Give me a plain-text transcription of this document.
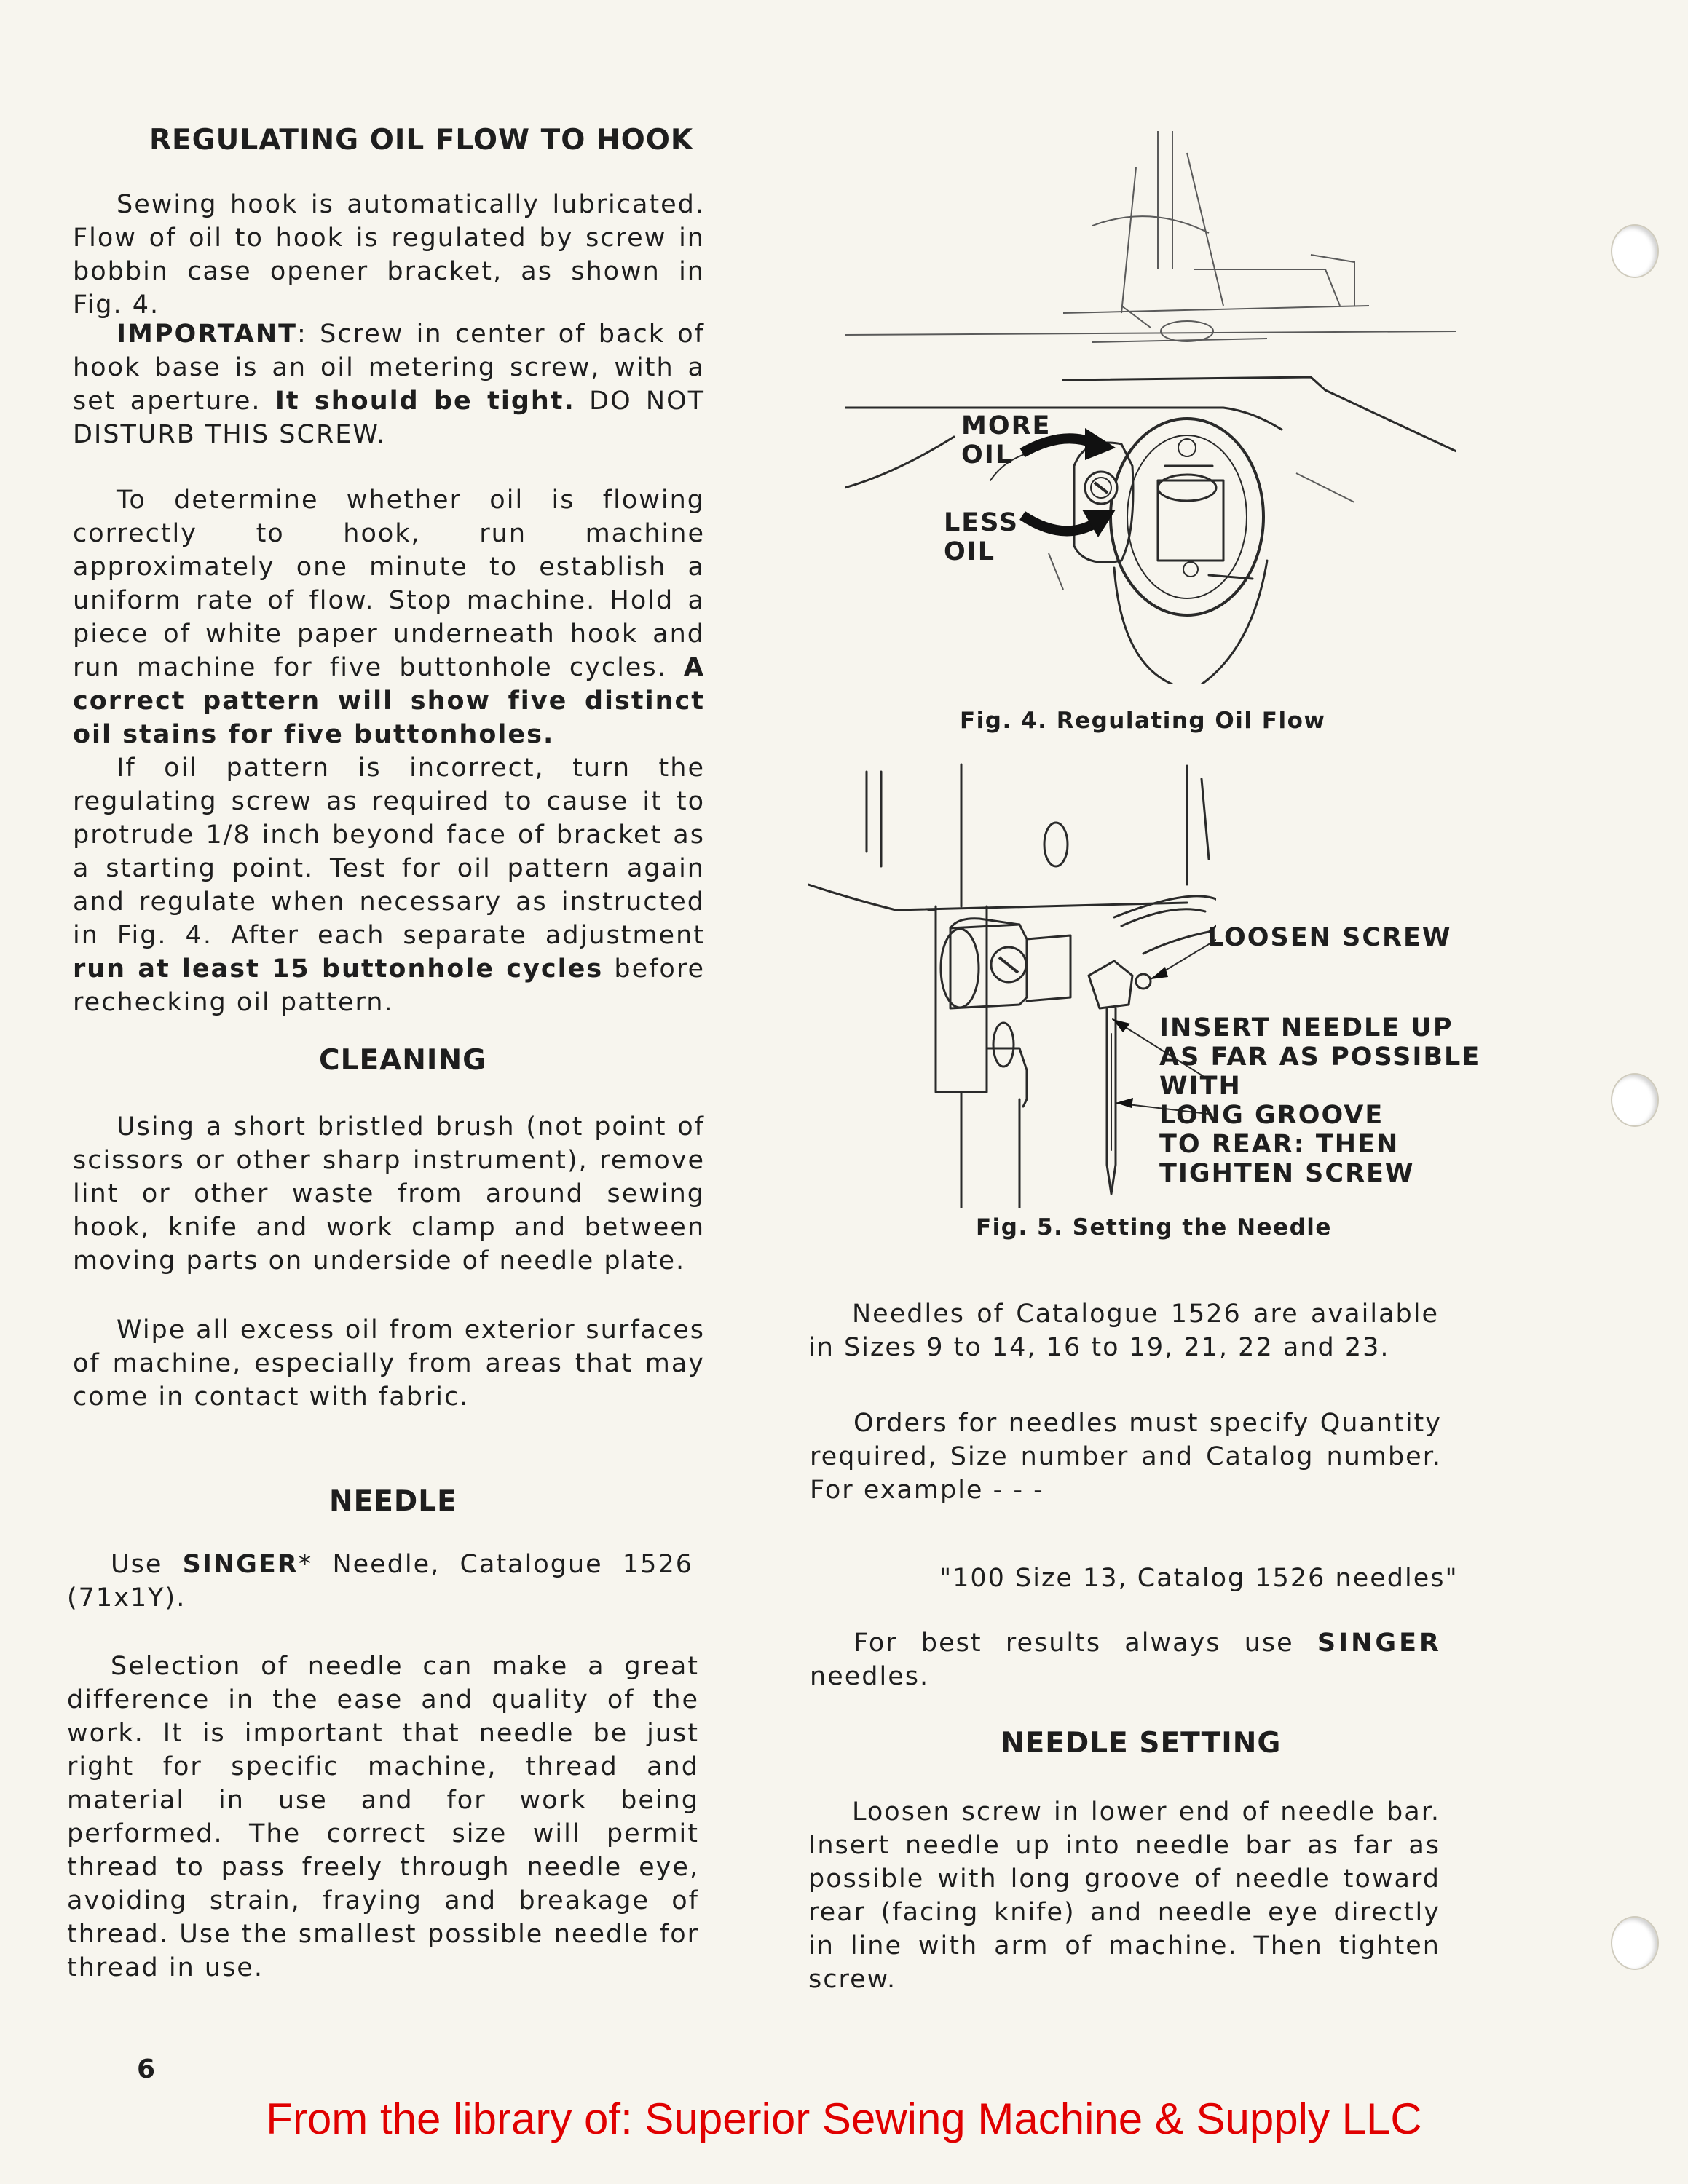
REGULATING OIL FLOW TO HOOK

Sewing hook is automatically lubricated. Flow of oil to hook is regulated by screw in bobbin case opener bracket, as shown in Fig. 4.

IMPORTANT: Screw in center of back of hook base is an oil metering screw, with a set aperture. It should be tight. DO NOT DISTURB THIS SCREW.

To determine whether oil is flowing correctly to hook, run machine approximately one minute to establish a uniform rate of flow. Stop machine. Hold a piece of white paper underneath hook and run machine for five buttonhole cycles. A correct pattern will show five distinct oil stains for five buttonholes.

If oil pattern is incorrect, turn the regulating screw as required to cause it to protrude 1/8 inch beyond face of bracket as a starting point. Test for oil pattern again and regulate when necessary as instructed in Fig. 4. After each separate adjustment run at least 15 buttonhole cycles before rechecking oil pattern.

CLEANING

Using a short bristled brush (not point of scissors or other sharp instrument), remove lint or other waste from around sewing hook, knife and work clamp and between moving parts on underside of needle plate.

Wipe all excess oil from exterior surfaces of machine, especially from areas that may come in contact with fabric.

NEEDLE

Use SINGER* Needle, Catalogue 1526 (71x1Y).

Selection of needle can make a great difference in the ease and quality of the work. It is important that needle be just right for specific machine, thread and material in use and for work being performed. The correct size will permit thread to pass freely through needle eye, avoiding strain, fraying and breakage of thread. Use the smallest possible needle for thread in use.

6
MORE
OIL
LESS
OIL
Fig. 4. Regulating Oil Flow
LOOSEN SCREW
INSERT NEEDLE UP
AS FAR AS POSSIBLE
WITH
LONG GROOVE
TO REAR: THEN
TIGHTEN SCREW
Fig. 5. Setting the Needle

Needles of Catalogue 1526 are available in Sizes 9 to 14, 16 to 19, 21, 22 and 23.

Orders for needles must specify Quantity required, Size number and Catalog number. For example - - -

"100 Size 13, Catalog 1526 needles"

For best results always use SINGER needles.

NEEDLE SETTING

Loosen screw in lower end of needle bar. Insert needle up into needle bar as far as possible with long groove of needle toward rear (facing knife) and needle eye directly in line with arm of machine. Then tighten screw.

From the library of: Superior Sewing Machine & Supply LLC
